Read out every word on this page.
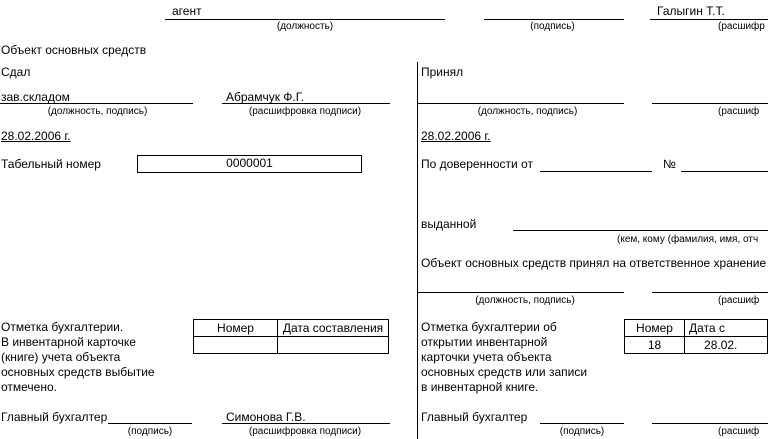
агент
(должность)	(подпись)
Галыгин Т.Т.
(расшифр
Объект основных средств
Сдал
зав.складом
(должность, подпись)
Абрамчук Ф.Г.
(расшифровка подписи)
28.02.2006 г.
Табельный номер	0000001
Отметка бухгалтерии.
В инвентарной карточке
(книге) учета объекта
основных средств выбытие
отмечено.
Номер	Дата составления

Главный бухгалтер
(подпись)
Симонова Г.В.
(расшифровка подписи)
Принял
(должность, подпись)	(расшиф
28.02.2006 г.
По доверенности от	№
выданной
(кем, кому (фамилия, имя, отч
Объект основных средств принял на ответственное хранение
(должность, подпись)	(расшиф
Отметка бухгалтерии об
открытии инвентарной
карточки учета объекта
основных средств или записи
в инвентарной книге.
Номер	Дата с
18	28.02.
Главный бухгалтер
(подпись)	(расшиф
